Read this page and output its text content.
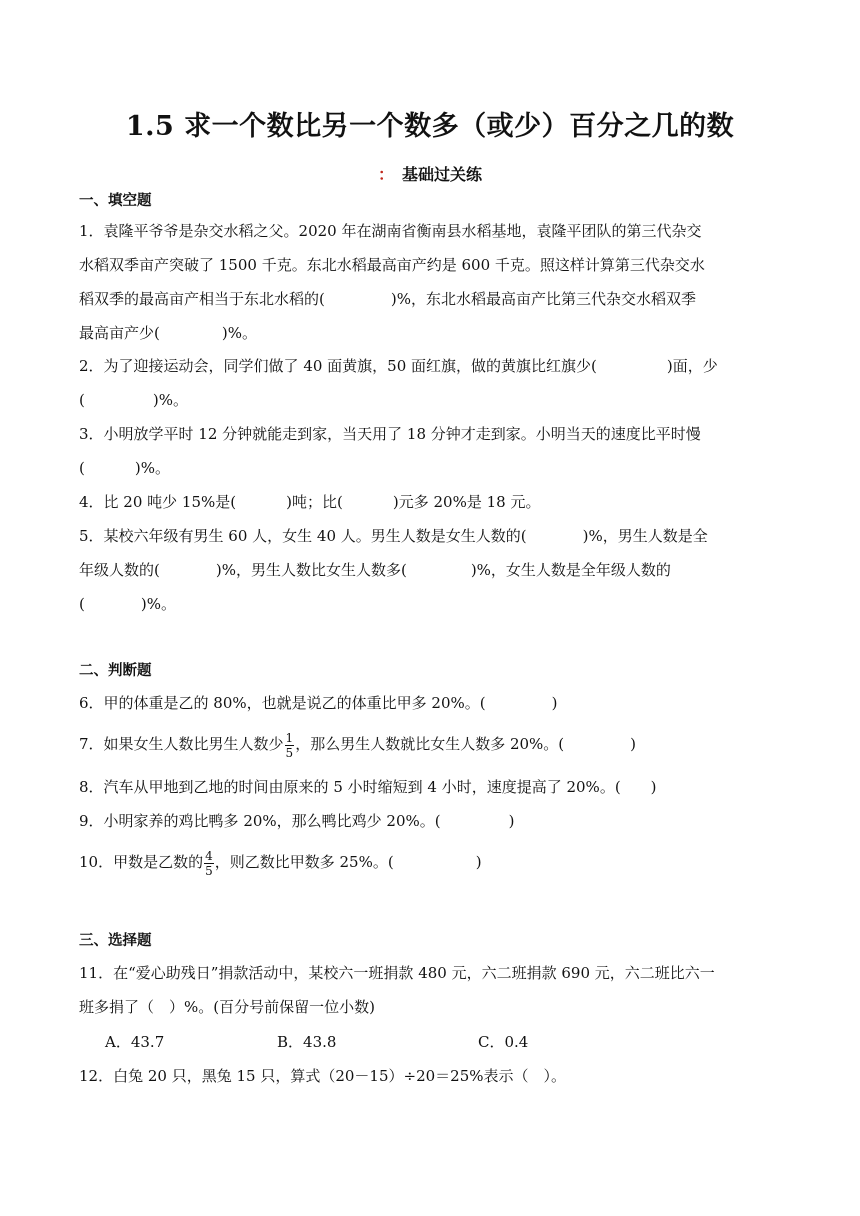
1.5 求一个数比另一个数多（或少）百分之几的数
： 基础过关练
一、填空题

1．袁隆平爷爷是杂交水稻之父。2020 年在湖南省衡南县水稻基地，袁隆平团队的第三代杂交

水稻双季亩产突破了 1500 千克。东北水稻最高亩产约是 600 千克。照这样计算第三代杂交水

稻双季的最高亩产相当于东北水稻的(	)%，东北水稻最高亩产比第三代杂交水稻双季

最高亩产少(	)%。

2．为了迎接运动会，同学们做了 40 面黄旗，50 面红旗，做的黄旗比红旗少(	)面，少

(	)%。

3．小明放学平时 12 分钟就能走到家，当天用了 18 分钟才走到家。小明当天的速度比平时慢

(	)%。

4．比 20 吨少 15%是(	)吨；比(	)元多 20%是 18 元。

5．某校六年级有男生 60 人，女生 40 人。男生人数是女生人数的(	)%，男生人数是全

年级人数的(	)%，男生人数比女生人数多(	)%，女生人数是全年级人数的

(	)%。

二、判断题

6．甲的体重是乙的 80%，也就是说乙的体重比甲多 20%。(	)

7．如果女生人数比男生人数少 $\frac{1}{5}$ ，那么男生人数就比女生人数多 20%。(	)

8．汽车从甲地到乙地的时间由原来的 5 小时缩短到 4 小时，速度提高了 20%。( )

9．小明家养的鸡比鸭多 20%，那么鸭比鸡少 20%。(	)

10．甲数是乙数的 $\frac{4}{5}$ ，则乙数比甲数多 25%。(	)

三、选择题

11．在“爱心助残日”捐款活动中，某校六一班捐款 480 元，六二班捐款 690 元，六二班比六一

班多捐了（　）%。(百分号前保留一位小数)

A．43.7	B．43.8	C．0.4

12．白兔 20 只，黑兔 15 只，算式（20－15）÷20＝25%表示（　）。
